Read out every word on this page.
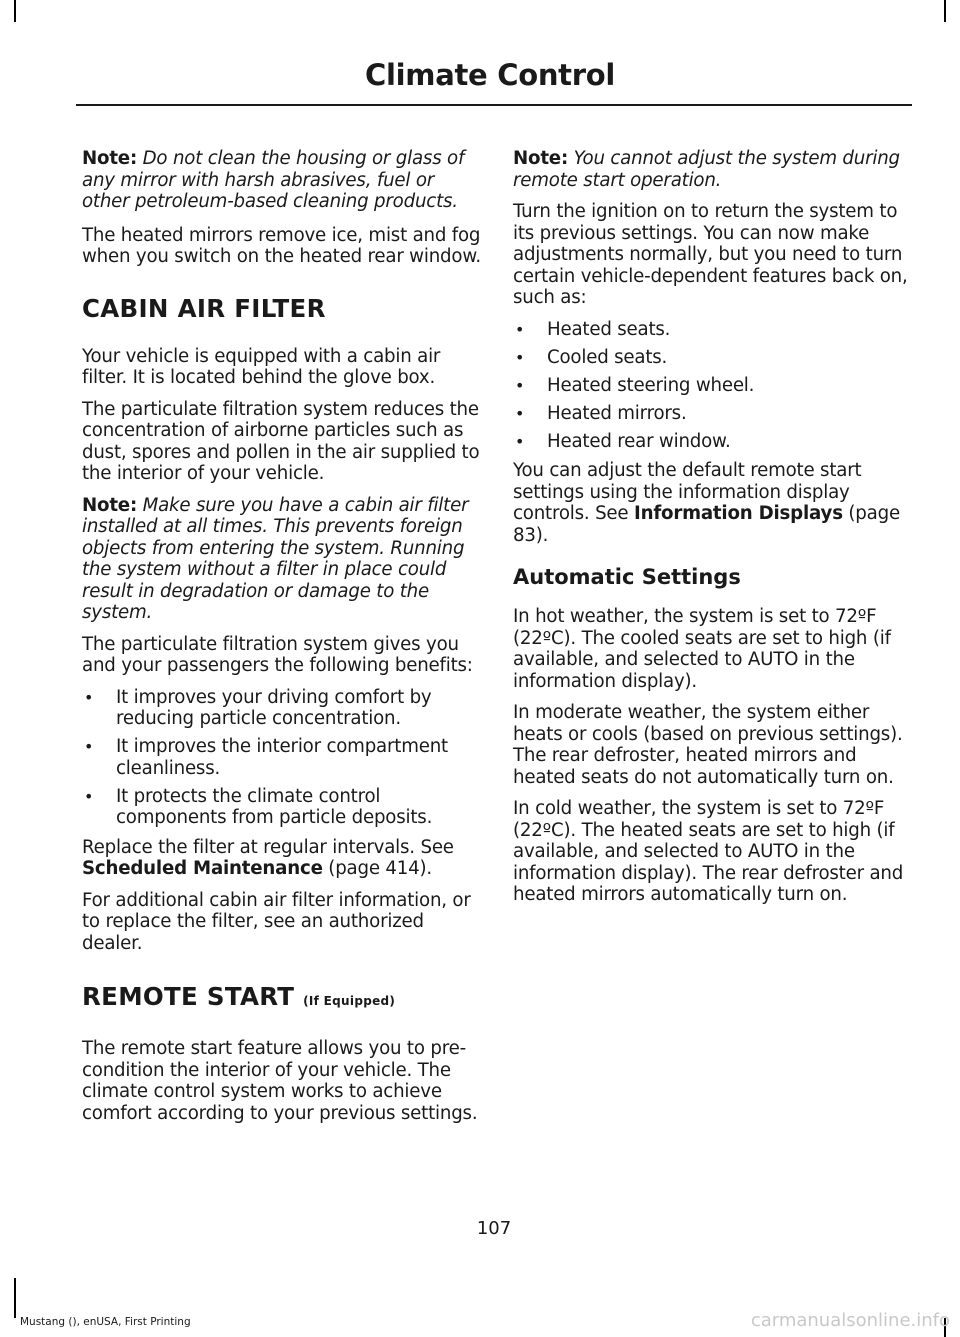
Climate Control

Note: Do not clean the housing or glass of any mirror with harsh abrasives, fuel or other petroleum-based cleaning products.

The heated mirrors remove ice, mist and fog when you switch on the heated rear window.

CABIN AIR FILTER

Your vehicle is equipped with a cabin air filter. It is located behind the glove box.

The particulate filtration system reduces the concentration of airborne particles such as dust, spores and pollen in the air supplied to the interior of your vehicle.

Note: Make sure you have a cabin air filter installed at all times. This prevents foreign objects from entering the system. Running the system without a filter in place could result in degradation or damage to the system.

The particulate filtration system gives you and your passengers the following benefits:

• It improves your driving comfort by reducing particle concentration.
• It improves the interior compartment cleanliness.
• It protects the climate control components from particle deposits.

Replace the filter at regular intervals. See Scheduled Maintenance (page 414).

For additional cabin air filter information, or to replace the filter, see an authorized dealer.

REMOTE START (If Equipped)

The remote start feature allows you to pre-condition the interior of your vehicle. The climate control system works to achieve comfort according to your previous settings.

Note: You cannot adjust the system during remote start operation.

Turn the ignition on to return the system to its previous settings. You can now make adjustments normally, but you need to turn certain vehicle-dependent features back on, such as:

• Heated seats.
• Cooled seats.
• Heated steering wheel.
• Heated mirrors.
• Heated rear window.

You can adjust the default remote start settings using the information display controls. See Information Displays (page 83).

Automatic Settings

In hot weather, the system is set to 72ºF (22ºC). The cooled seats are set to high (if available, and selected to AUTO in the information display).

In moderate weather, the system either heats or cools (based on previous settings). The rear defroster, heated mirrors and heated seats do not automatically turn on.

In cold weather, the system is set to 72ºF (22ºC). The heated seats are set to high (if available, and selected to AUTO in the information display). The rear defroster and heated mirrors automatically turn on.

107
Mustang (), enUSA, First Printing	carmanualsonline.info
